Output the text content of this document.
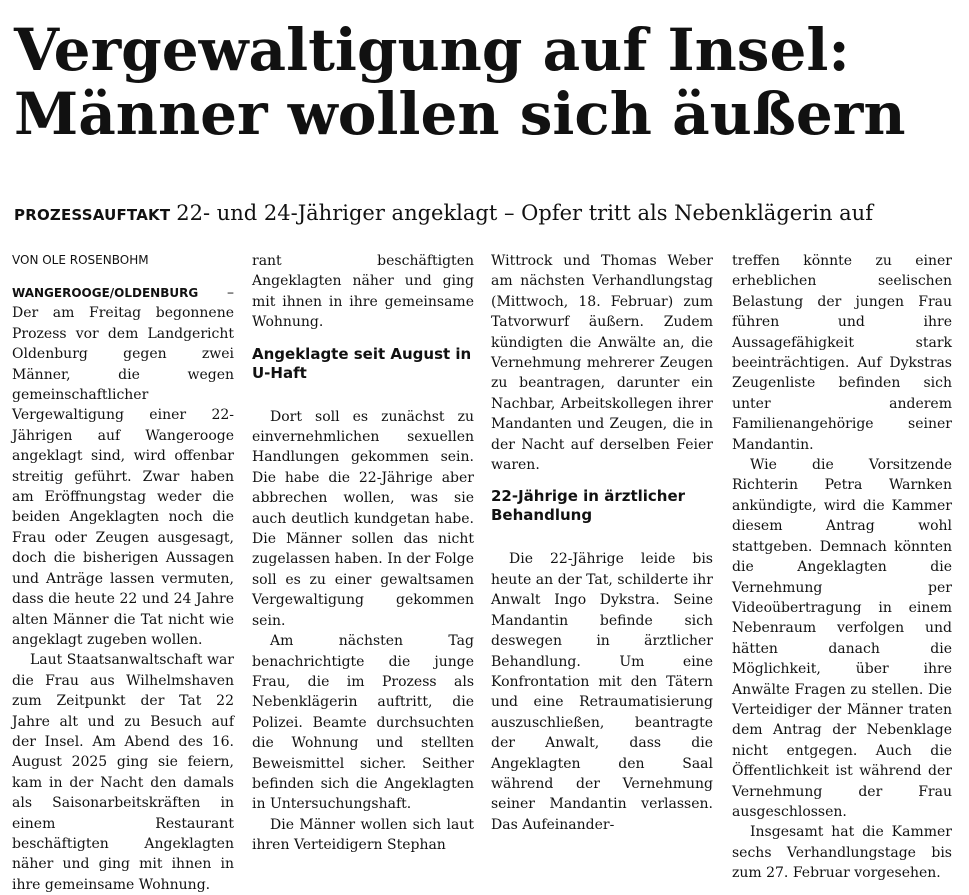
Vergewaltigung auf Insel:
Männer wollen sich äußern
PROZESSAUFTAKT 22- und 24-Jähriger angeklagt – Opfer tritt als Nebenklägerin auf
VON OLE ROSENBOHM

WANGEROOGE/OLDENBURG – Der am Freitag begonnene Prozess vor dem Landgericht Oldenburg gegen zwei Männer, die wegen gemeinschaftlicher Vergewaltigung einer 22-Jährigen auf Wangerooge angeklagt sind, wird offenbar streitig geführt. Zwar haben am Eröffnungstag weder die beiden Angeklagten noch die Frau oder Zeugen ausgesagt, doch die bisherigen Aussagen und Anträge lassen vermuten, dass die heute 22 und 24 Jahre alten Männer die Tat nicht wie angeklagt zugeben wollen.

Laut Staatsanwaltschaft war die Frau aus Wilhelmshaven zum Zeitpunkt der Tat 22 Jahre alt und zu Besuch auf der Insel. Am Abend des 16. August 2025 ging sie feiern, kam in der Nacht den damals als Saisonarbeitskräften in einem Restaurant beschäftigten Angeklagten näher und ging mit ihnen in ihre gemeinsame Wohnung.

rant beschäftigten Angeklagten näher und ging mit ihnen in ihre gemeinsame Wohnung.

Angeklagte seit August in U-Haft

Dort soll es zunächst zu einvernehmlichen sexuellen Handlungen gekommen sein. Die habe die 22-Jährige aber abbrechen wollen, was sie auch deutlich kundgetan habe. Die Männer sollen das nicht zugelassen haben. In der Folge soll es zu einer gewaltsamen Vergewaltigung gekommen sein.

Am nächsten Tag benachrichtigte die junge Frau, die im Prozess als Nebenklägerin auftritt, die Polizei. Beamte durchsuchten die Wohnung und stellten Beweismittel sicher. Seither befinden sich die Angeklagten in Untersuchungshaft.

Die Männer wollen sich laut ihren Verteidigern Stephan

Wittrock und Thomas Weber am nächsten Verhandlungstag (Mittwoch, 18. Februar) zum Tatvorwurf äußern. Zudem kündigten die Anwälte an, die Vernehmung mehrerer Zeugen zu beantragen, darunter ein Nachbar, Arbeitskollegen ihrer Mandanten und Zeugen, die in der Nacht auf derselben Feier waren.

22-Jährige in ärztlicher Behandlung

Die 22-Jährige leide bis heute an der Tat, schilderte ihr Anwalt Ingo Dykstra. Seine Mandantin befinde sich deswegen in ärztlicher Behandlung. Um eine Konfrontation mit den Tätern und eine Retraumatisierung auszuschließen, beantragte der Anwalt, dass die Angeklagten den Saal während der Vernehmung seiner Mandantin verlassen. Das Aufeinander-

treffen könnte zu einer erheblichen seelischen Belastung der jungen Frau führen und ihre Aussagefähigkeit stark beeinträchtigen. Auf Dykstras Zeugenliste befinden sich unter anderem Familienangehörige seiner Mandantin.

Wie die Vorsitzende Richterin Petra Warnken ankündigte, wird die Kammer diesem Antrag wohl stattgeben. Demnach könnten die Angeklagten die Vernehmung per Videoübertragung in einem Nebenraum verfolgen und hätten danach die Möglichkeit, über ihre Anwälte Fragen zu stellen. Die Verteidiger der Männer traten dem Antrag der Nebenklage nicht entgegen. Auch die Öffentlichkeit ist während der Vernehmung der Frau ausgeschlossen.

Insgesamt hat die Kammer sechs Verhandlungstage bis zum 27. Februar vorgesehen.
